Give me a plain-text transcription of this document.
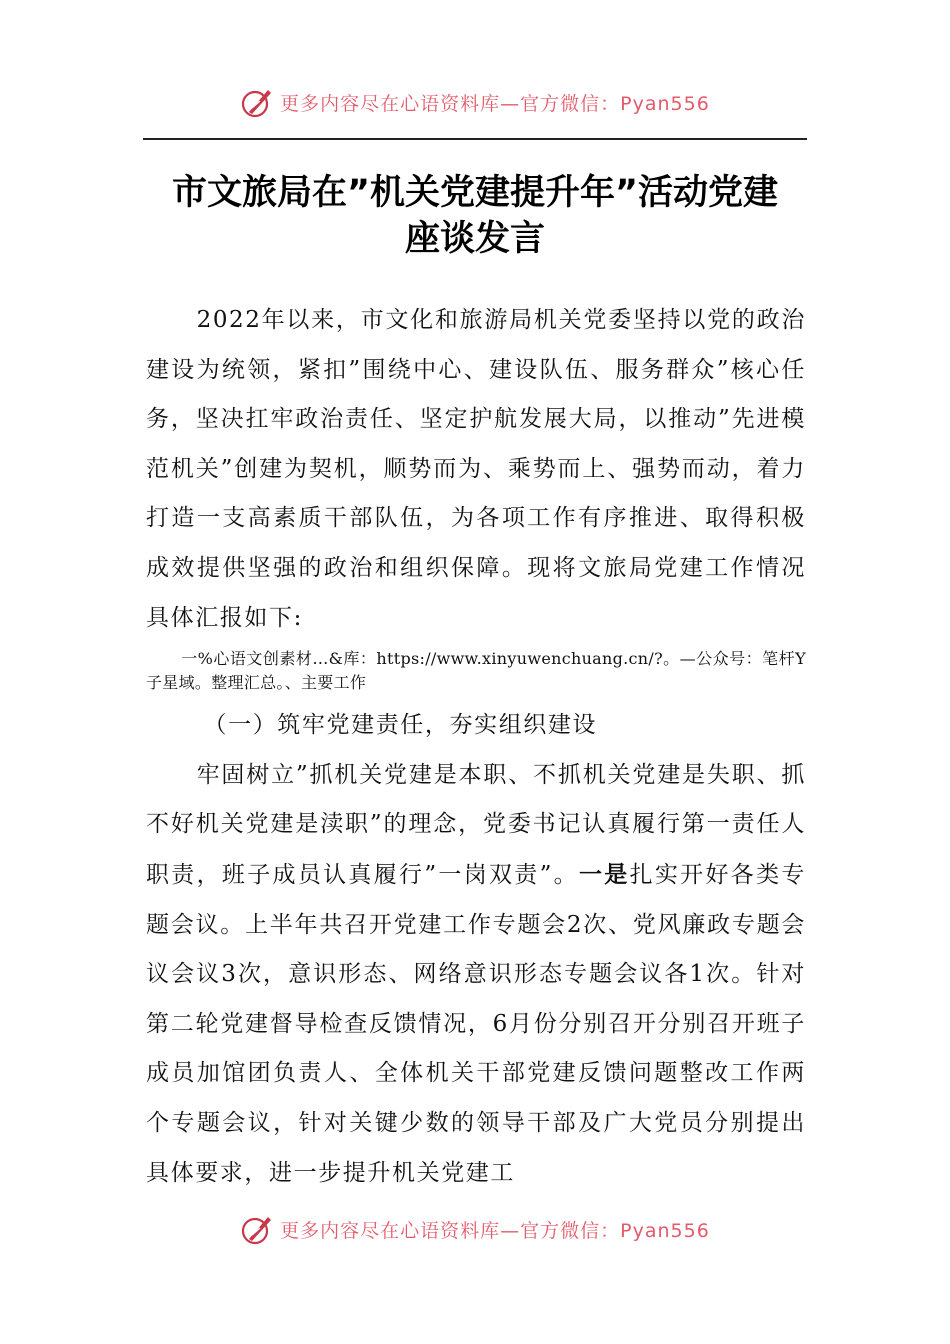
更多内容尽在心语资料库—官方微信：Pyan556
市文旅局在”机关党建提升年”活动党建
座谈发言

2022年以来，市文化和旅游局机关党委坚持以党的政治建设为统领，紧扣”围绕中心、建设队伍、服务群众”核心任务，坚决扛牢政治责任、坚定护航发展大局，以推动”先进模范机关”创建为契机，顺势而为、乘势而上、强势而动，着力打造一支高素质干部队伍，为各项工作有序推进、取得积极成效提供坚强的政治和组织保障。现将文旅局党建工作情况具体汇报如下:

一%心语文创素材…&库：https://www.xinyuwenchuang.cn/?。—公众号：笔杆Y子星域。整理汇总。、主要工作

（一）筑牢党建责任，夯实组织建设

牢固树立”抓机关党建是本职、不抓机关党建是失职、抓不好机关党建是渎职”的理念，党委书记认真履行第一责任人职责，班子成员认真履行”一岗双责”。一是扎实开好各类专题会议。上半年共召开党建工作专题会2次、党风廉政专题会议会议3次，意识形态、网络意识形态专题会议各1次。针对第二轮党建督导检查反馈情况，6月份分别召开分别召开班子成员加馆团负责人、全体机关干部党建反馈问题整改工作两个专题会议，针对关键少数的领导干部及广大党员分别提出具体要求，进一步提升机关党建工

更多内容尽在心语资料库—官方微信：Pyan556
